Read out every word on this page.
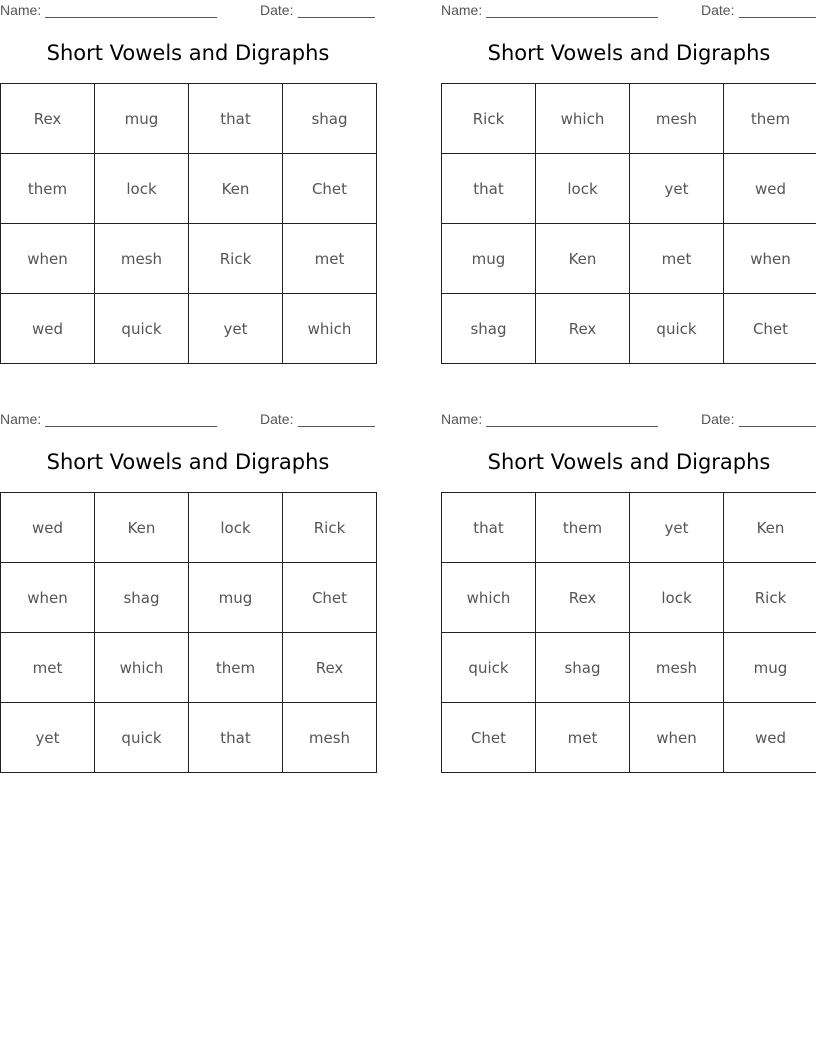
Name:	Date:
Short Vowels and Digraphs
Rex	mug	that	shag
them	lock	Ken	Chet
when	mesh	Rick	met
wed	quick	yet	which
Name:	Date:
Short Vowels and Digraphs
Rick	which	mesh	them
that	lock	yet	wed
mug	Ken	met	when
shag	Rex	quick	Chet
Name:	Date:
Short Vowels and Digraphs
wed	Ken	lock	Rick
when	shag	mug	Chet
met	which	them	Rex
yet	quick	that	mesh
Name:	Date:
Short Vowels and Digraphs
that	them	yet	Ken
which	Rex	lock	Rick
quick	shag	mesh	mug
Chet	met	when	wed
